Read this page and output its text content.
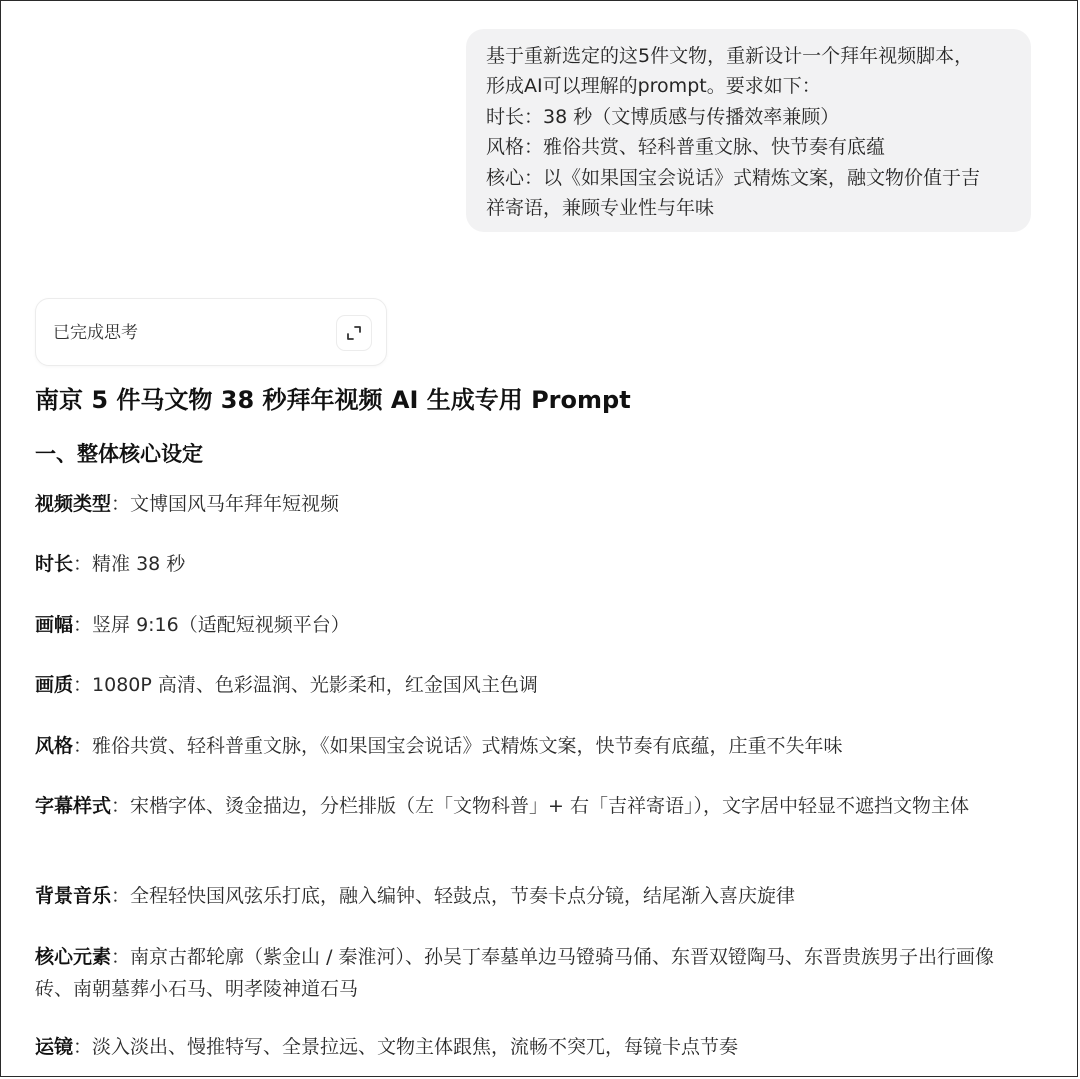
基于重新选定的这5件文物，重新设计一个拜年视频脚本，
形成AI可以理解的prompt。要求如下：
时长：38 秒（文博质感与传播效率兼顾）
风格：雅俗共赏、轻科普重文脉、快节奏有底蕴
核心：以《如果国宝会说话》式精炼文案，融文物价值于吉
祥寄语，兼顾专业性与年味
已完成思考
南京 5 件马文物 38 秒拜年视频 AI 生成专用 Prompt
一、整体核心设定
视频类型：文博国风马年拜年短视频
时长：精准 38 秒
画幅：竖屏 9:16（适配短视频平台）
画质：1080P 高清、色彩温润、光影柔和，红金国风主色调
风格：雅俗共赏、轻科普重文脉，《如果国宝会说话》式精炼文案，快节奏有底蕴，庄重不失年味
字幕样式：宋楷字体、烫金描边，分栏排版（左「文物科普」+ 右「吉祥寄语」），文字居中轻显不遮挡文物主体
背景音乐：全程轻快国风弦乐打底，融入编钟、轻鼓点，节奏卡点分镜，结尾渐入喜庆旋律
核心元素：南京古都轮廓（紫金山 / 秦淮河）、孙吴丁奉墓单边马镫骑马俑、东晋双镫陶马、东晋贵族男子出行画像砖、南朝墓葬小石马、明孝陵神道石马
运镜：淡入淡出、慢推特写、全景拉远、文物主体跟焦，流畅不突兀，每镜卡点节奏
